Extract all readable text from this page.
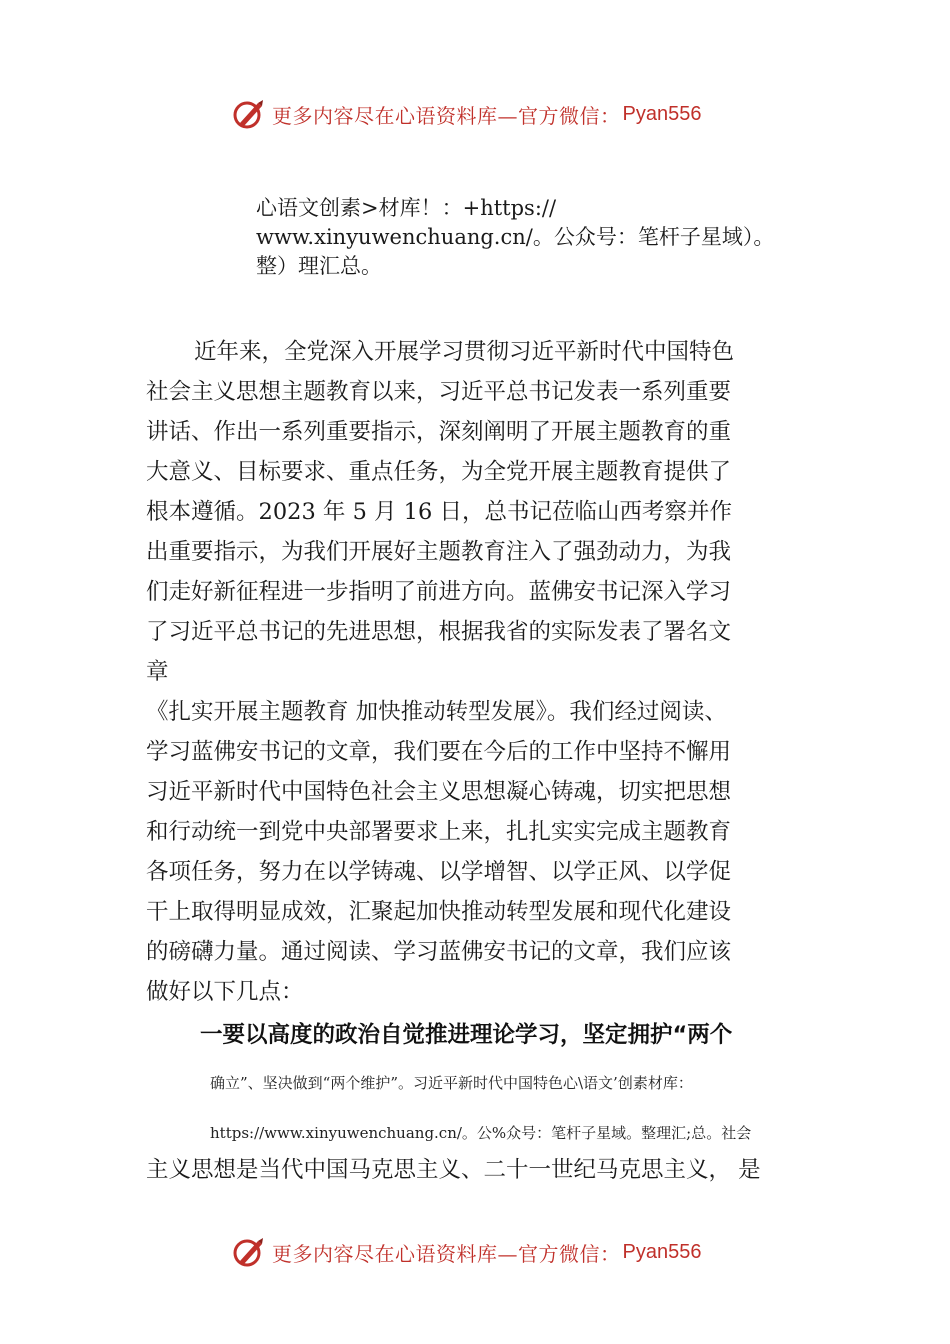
更多内容尽在心语资料库—官方微信： Pyan556
心语文创素>材库！：+https://
www.xinyuwenchuang.cn/。公众号：笔杆子星域）。
整）理汇总。
近年来，全党深入开展学习贯彻习近平新时代中国特色
社会主义思想主题教育以来，习近平总书记发表一系列重要
讲话、作出一系列重要指示，深刻阐明了开展主题教育的重
大意义、目标要求、重点任务，为全党开展主题教育提供了
根本遵循。2023 年 5 月 16 日，总书记莅临山西考察并作
出重要指示，为我们开展好主题教育注入了强劲动力，为我
们走好新征程进一步指明了前进方向。蓝佛安书记深入学习
了习近平总书记的先进思想，根据我省的实际发表了署名文
章
《扎实开展主题教育 加快推动转型发展》。我们经过阅读、
学习蓝佛安书记的文章，我们要在今后的工作中坚持不懈用
习近平新时代中国特色社会主义思想凝心铸魂，切实把思想
和行动统一到党中央部署要求上来，扎扎实实完成主题教育
各项任务，努力在以学铸魂、以学增智、以学正风、以学促
干上取得明显成效，汇聚起加快推动转型发展和现代化建设
的磅礴力量。通过阅读、学习蓝佛安书记的文章，我们应该
做好以下几点：
一要以高度的政治自觉推进理论学习，坚定拥护“两个
确立”、坚决做到“两个维护”。习近平新时代中国特色心\语文’创素材库：
https://www.xinyuwenchuang.cn/。公%众号：笔杆子星域。整理汇;总。社会
主义思想是当代中国马克思主义、二十一世纪马克思主义， 是
更多内容尽在心语资料库—官方微信： Pyan556
